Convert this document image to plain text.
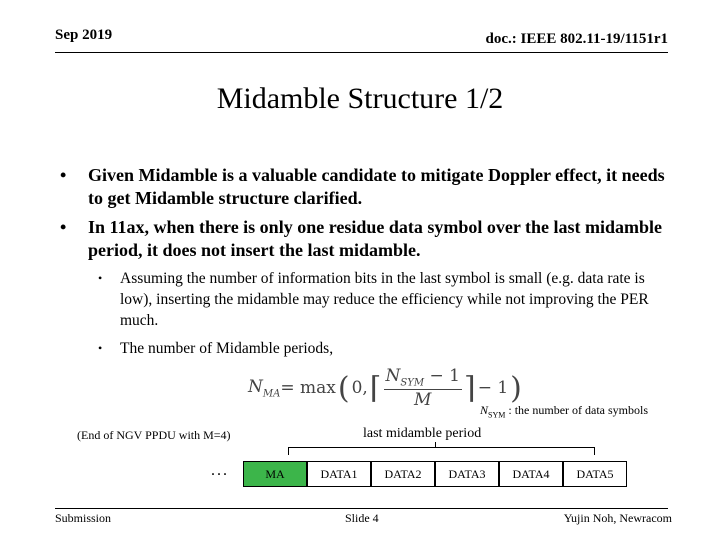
Sep 2019	doc.: IEEE 802.11-19/1151r1
Midamble Structure 1/2
• Given Midamble is a valuable candidate to mitigate Doppler effect, it needs to get Midamble structure clarified.
• In 11ax, when there is only one residue data symbol over the last midamble period, it does not insert the last midamble.
• Assuming the number of information bits in the last symbol is small (e.g. data rate is low), inserting the midamble may reduce the efficiency while not improving the PER much.
• The number of Midamble periods,
$N_{MA} = \max$ ( 0, ⌈ $\frac{N_{SYM} - 1}{M}$ ⌉ − 1 )
$N_{SYM}$ : the number of data symbols
(End of NGV PPDU with M=4)	last midamble period
...	MA	DATA1	DATA2	DATA3	DATA4	DATA5
Submission	Slide 4	Yujin Noh, Newracom
